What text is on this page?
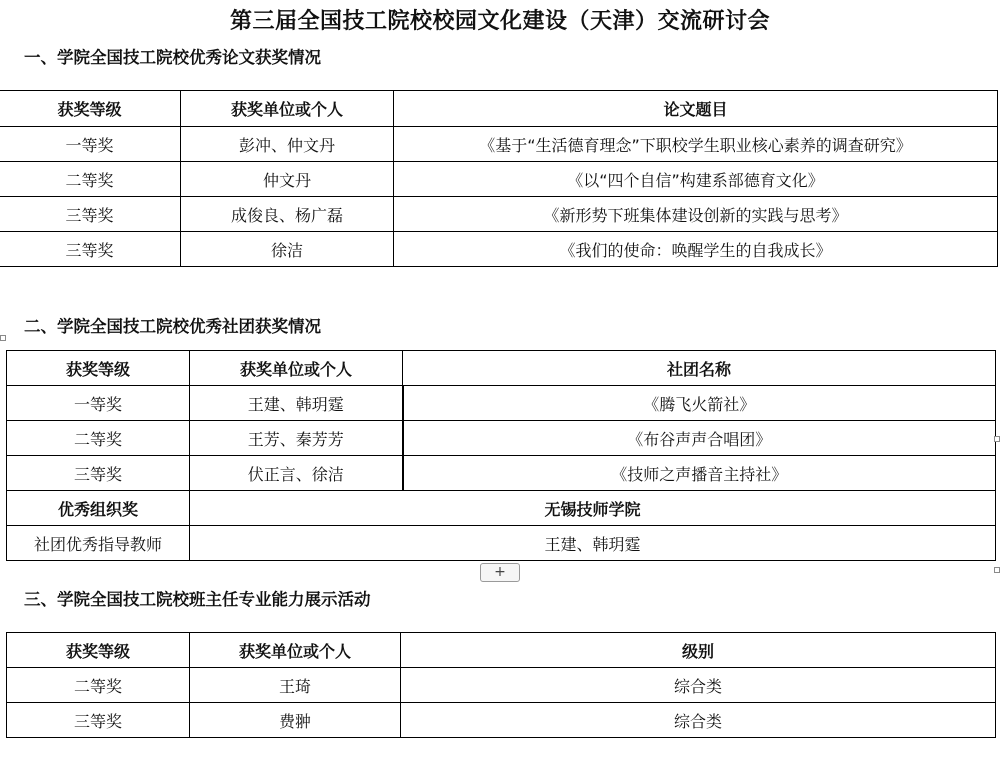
第三届全国技工院校校园文化建设（天津）交流研讨会
一、学院全国技工院校优秀论文获奖情况
获奖等级	获奖单位或个人	论文题目
一等奖	彭冲、仲文丹	《基于“生活德育理念”下职校学生职业核心素养的调查研究》
二等奖	仲文丹	《以“四个自信”构建系部德育文化》
三等奖	成俊良、杨广磊	《新形势下班集体建设创新的实践与思考》
三等奖	徐洁	《我们的使命：唤醒学生的自我成长》
二、学院全国技工院校优秀社团获奖情况
获奖等级	获奖单位或个人	社团名称
一等奖	王建、韩玥霆	《腾飞火箭社》
二等奖	王芳、秦芳芳	《布谷声声合唱团》
三等奖	伏正言、徐洁	《技师之声播音主持社》
优秀组织奖	无锡技师学院	
社团优秀指导教师	王建、韩玥霆	
+
三、学院全国技工院校班主任专业能力展示活动
获奖等级	获奖单位或个人	级别
二等奖	王琦	综合类
三等奖	费翀	综合类
